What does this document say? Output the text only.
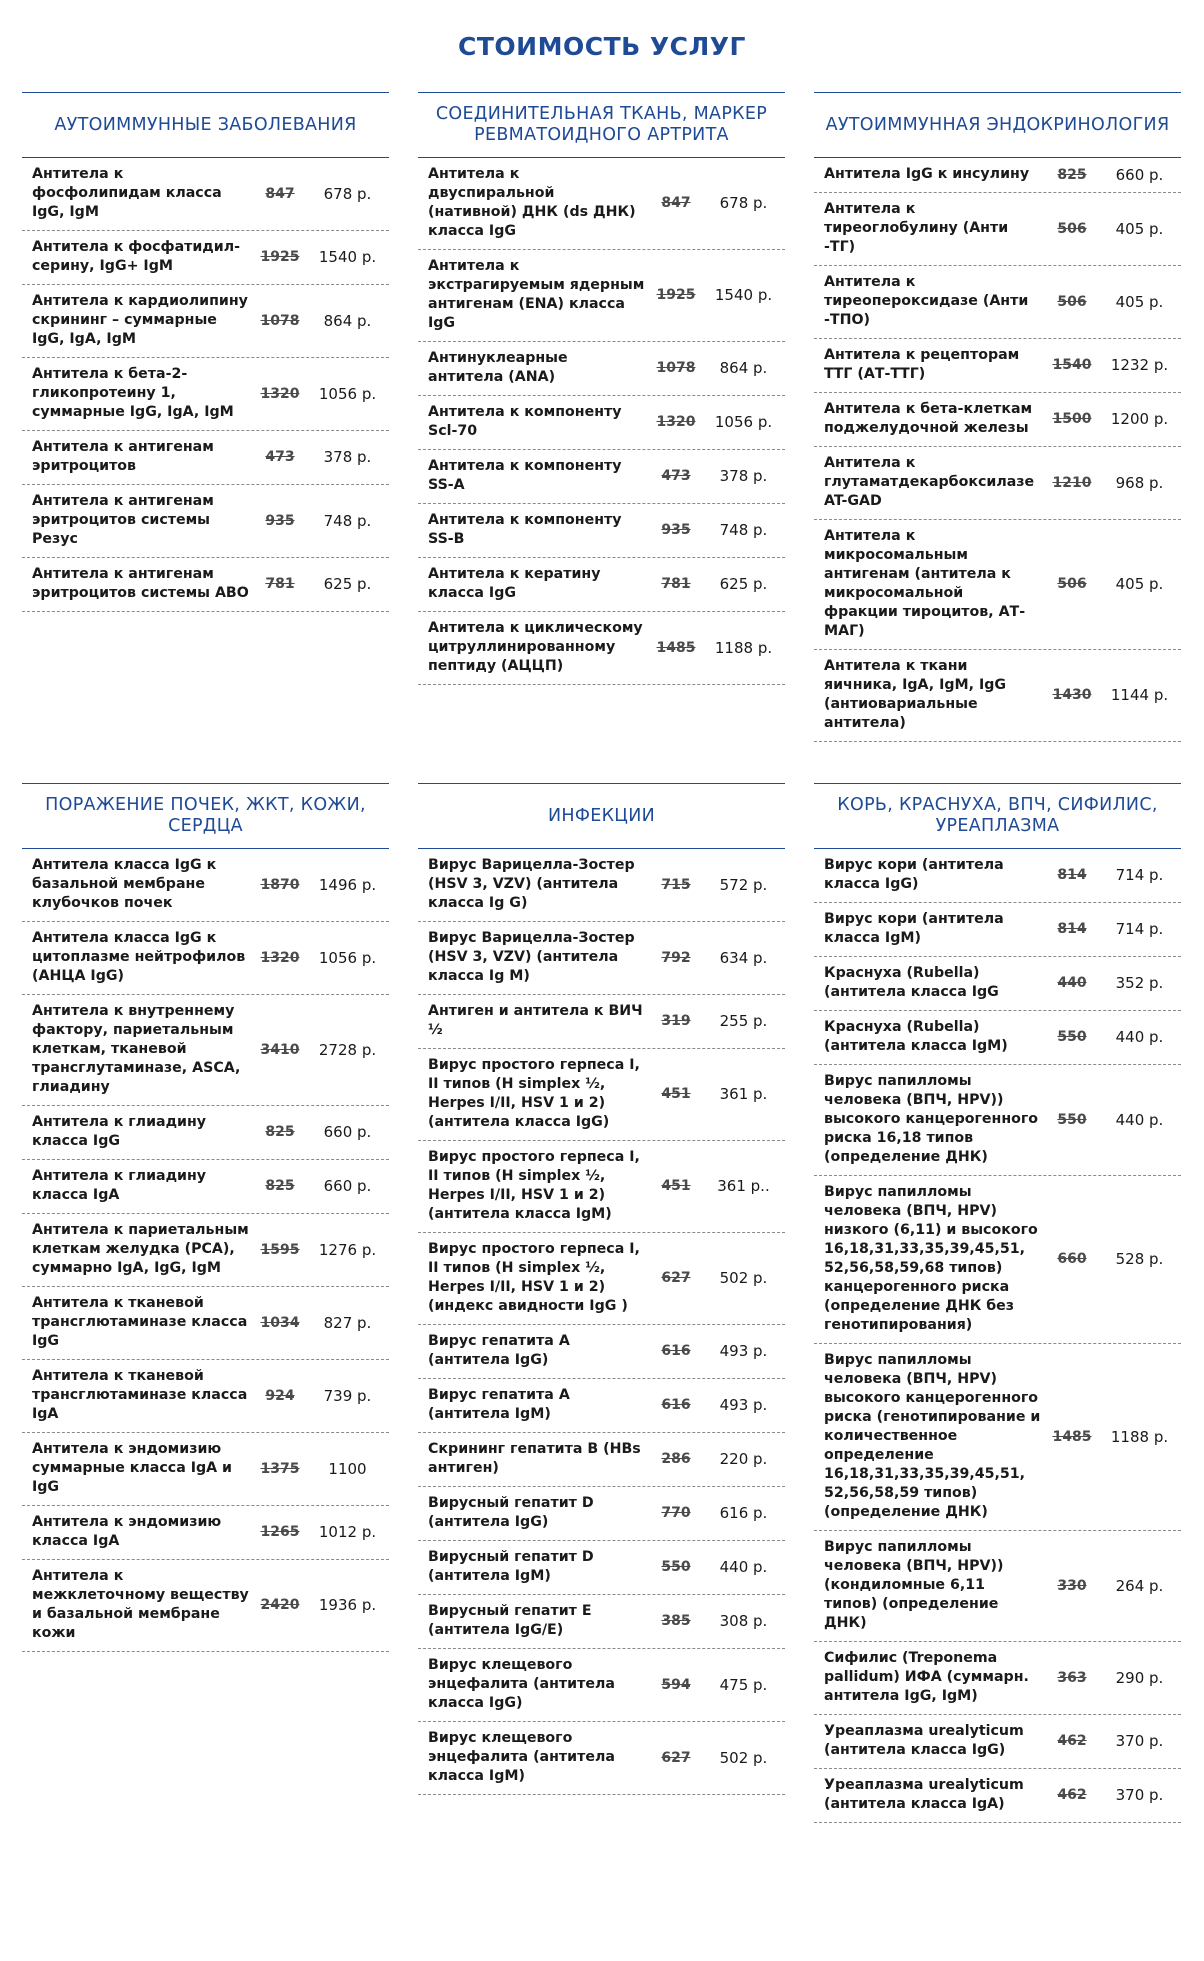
СТОИМОСТЬ УСЛУГ
АУТОИММУННЫЕ ЗАБОЛЕВАНИЯ
Антитела к фосфолипидам класса IgG, IgM
847	678 р.
Антитела к фосфатидил-серину, IgG+ IgM
1925	1540 р.
Антитела к кардиолипину скрининг – суммарные IgG, IgA, IgM
1078	864 р.
Антитела к бета-2-гликопротеину 1, суммарные IgG, IgA, IgM
1320	1056 р.
Антитела к антигенам эритроцитов
473	378 р.
Антитела к антигенам эритроцитов системы Резус
935	748 р.
Антитела к антигенам эритроцитов системы АВО
781	625 р.
СОЕДИНИТЕЛЬНАЯ ТКАНЬ, МАРКЕР РЕВМАТОИДНОГО АРТРИТА
Антитела к двуспиральной (нативной) ДНК (ds ДНК) класса IgG
847	678 р.
Антитела к экстрагируемым ядерным антигенам (ENA) класса IgG
1925	1540 р.
Антинуклеарные антитела (ANA)
1078	864 р.
Антитела к компоненту Scl-70
1320	1056 р.
Антитела к компоненту SS-A
473	378 р.
Антитела к компоненту SS-B
935	748 р.
Антитела к кератину класса IgG
781	625 р.
Антитела к циклическому цитруллинированному пептиду (АЦЦП)
1485	1188 р.
АУТОИММУННАЯ ЭНДОКРИНОЛОГИЯ
Антитела IgG к инсулину	825	660 р.
Антитела к тиреоглобулину (Анти -ТГ)
506	405 р.
Антитела к тиреопероксидазе (Анти -ТПО)
506	405 р.
Антитела к рецепторам ТТГ (АТ-ТТГ)
1540	1232 р.
Антитела к бета-клеткам поджелудочной железы
1500	1200 р.
Антитела к глутаматдекарбоксилазе AT-GAD
1210	968 р.
Антитела к микросомальным антигенам (антитела к микросомальной фракции тироцитов, АТ-МАГ)
506	405 р.
Антитела к ткани яичника, IgA, IgM, IgG (антиовариальные антитела)
1430	1144 р.
ПОРАЖЕНИЕ ПОЧЕК, ЖКТ, КОЖИ, СЕРДЦА
Антитела класса IgG к базальной мембране клубочков почек
1870	1496 р.
Антитела класса IgG к цитоплазме нейтрофилов (АНЦА IgG)
1320	1056 р.
Антитела к внутреннему фактору, париетальным клеткам, тканевой трансглутаминазе, ASCA, глиадину
3410	2728 р.
Антитела к глиадину класса IgG
825	660 р.
Антитела к глиадину класса IgA
825	660 р.
Антитела к париетальным клеткам желудка (PCA), суммарно IgA, IgG, IgM
1595	1276 р.
Антитела к тканевой трансглютаминазе класса IgG
1034	827 р.
Антитела к тканевой трансглютаминазе класса IgA
924	739 р.
Антитела к эндомизию суммарные класса IgA и IgG
1375	1100
Антитела к эндомизию класса IgA
1265	1012 р.
Антитела к межклеточному веществу и базальной мембране кожи
2420	1936 р.
ИНФЕКЦИИ
Вирус Варицелла-Зостер (HSV 3, VZV) (антитела класса Ig G)
715	572 р.
Вирус Варицелла-Зостер (HSV 3, VZV) (антитела класса Ig M)
792	634 р.
Антиген и антитела к ВИЧ ½
319	255 р.
Вирус простого герпеса I, II типов (H simplex ½, Herpes I/II, HSV 1 и 2) (антитела класса IgG)
451	361 р.
Вирус простого герпеса I, II типов (H simplex ½, Herpes I/II, HSV 1 и 2) (антитела класса IgM)
451	361 р..
Вирус простого герпеса I, II типов (H simplex ½, Herpes I/II, HSV 1 и 2) (индекс авидности IgG )
627	502 р.
Вирус гепатита А (антитела IgG)
616	493 р.
Вирус гепатита А (антитела IgM)
616	493 р.
Скрининг гепатита В (HBs антиген)
286	220 р.
Вирусный гепатит D (антитела IgG)
770	616 р.
Вирусный гепатит D (антитела IgM)
550	440 р.
Вирусный гепатит Е (антитела IgG/E)
385	308 р.
Вирус клещевого энцефалита (антитела класса IgG)
594	475 р.
Вирус клещевого энцефалита (антитела класса IgM)
627	502 р.
КОРЬ, КРАСНУХА, ВПЧ, СИФИЛИС, УРЕАПЛАЗМА
Вирус кори (антитела класса IgG)
814	714 р.
Вирус кори (антитела класса IgM)
814	714 р.
Краснуха (Rubella) (антитела класса IgG
440	352 р.
Краснуха (Rubella) (антитела класса IgM)
550	440 р.
Вирус папилломы человека (ВПЧ, HPV)) высокого канцерогенного риска 16,18 типов (определение ДНК)
550	440 р.
Вирус папилломы человека (ВПЧ, HPV) низкого (6,11) и высокого 16,18,31,33,35,39,45,51, 52,56,58,59,68 типов) канцерогенного риска (определение ДНК без генотипирования)
660	528 р.
Вирус папилломы человека (ВПЧ, HPV) высокого канцерогенного риска (генотипирование и количественное определение 16,18,31,33,35,39,45,51, 52,56,58,59 типов) (определение ДНК)
1485	1188 р.
Вирус папилломы человека (ВПЧ, HPV)) (кондиломные 6,11 типов) (определение ДНК)
330	264 р.
Сифилис (Treponema pallidum) ИФА (суммарн. антитела IgG, IgM)
363	290 р.
Уреаплазма urealyticum (антитела класса IgG)
462	370 р.
Уреаплазма urealyticum (антитела класса IgA)
462	370 р.
